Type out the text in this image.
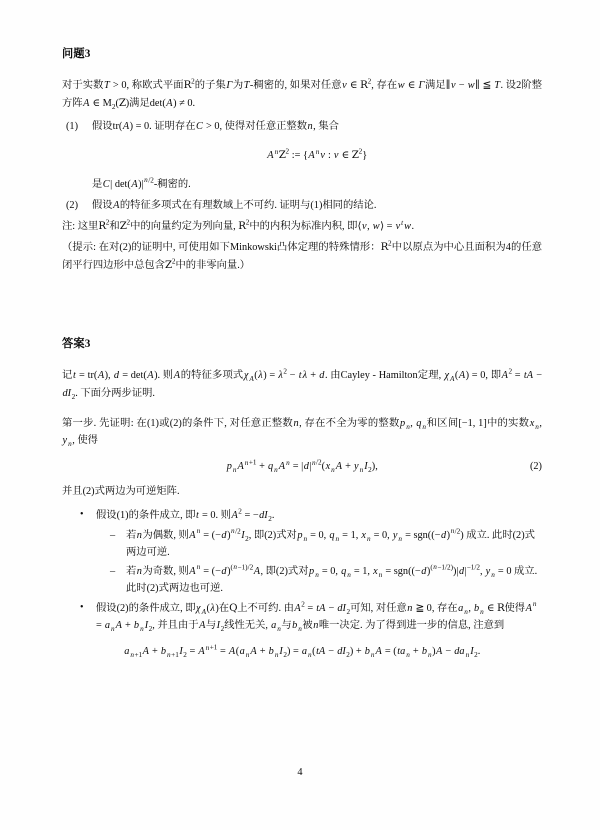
问题3

对于实数T > 0, 称欧式平面$R^2$的子集Γ为T-稠密的, 如果对任意v ∈ $R^2$, 存在w ∈ Γ满足∥v − w∥ ≦ T. 设2阶整方阵A ∈ $M_2(Z)$满足det(A) ≠ 0.

(1) 假设tr(A) = 0. 证明存在C > 0, 使得对任意正整数n, 集合
$A^nZ^2$ := {$A^nv$ : v ∈ $Z^2$}
是C| $\det(A)|^{n/2}-$稠密的.
(2) 假设A的特征多项式在有理数域上不可约. 证明与(1)相同的结论.

注: 这里$R^2$和$Z^2$中的向量约定为列向量, $R^2$中的内积为标准内积, 即⟨v, w⟩ = $v^tw$.

（提示: 在对(2)的证明中, 可使用如下Minkowski凸体定理的特殊情形：$R^2$中以原点为中心且面积为4的任意闭平行四边形中总包含$Z^2$中的非零向量.）

答案3

记t = tr(A), d = det(A). 则A的特征多项式$\chi_A(\lambda) = \lambda^2 - t\lambda + d$. 由Cayley - Hamilton定理, $\chi_A(A) = 0$, 即$A^2$ = tA − $dI_2$. 下面分两步证明.

第一步. 先证明: 在(1)或(2)的条件下, 对任意正整数n, 存在不全为零的整数$p_n$, $q_n$和区间[−1, 1]中的实数$x_n$, $y_n$, 使得

$p_nA^{n+1} + q_nA^n = |d|^{n/2}(x_nA + y_nI_2)$,	(2)

并且(2)式两边为可逆矩阵.

• 假设(1)的条件成立, 即t = 0. 则$A^2 = -dI_2$.
– 若n为偶数, 则$A^n = (-d)^{n/2}I_2$, 即(2)式对$p_n = 0$, $q_n = 1$, $x_n = 0$, $y_n = sgn((-d)^{n/2})$ 成立. 此时(2)式两边可逆.
– 若n为奇数, 则$A^n = (-d)^{(n-1)/2}A$, 即(2)式对$p_n = 0$, $q_n = 1$, $x_n = sgn((-d)^{(n-1/2)})|d|^{-1/2}$, $y_n = 0$ 成立. 此时(2)式两边也可逆.
• 假设(2)的条件成立, 即$\chi_A(\lambda)$在Q上不可约. 由$A^2$ = tA − $dI_2$可知, 对任意n ≧ 0, 存在$a_n$, $b_n$ ∈ R使得$A^n = a_nA + b_nI_2$, 并且由于A与$I_2$线性无关, $a_n$与$b_n$被n唯一决定. 为了得到进一步的信息, 注意到
$a_{n+1}A + b_{n+1}I_2 = A^{n+1} = A(a_nA + b_nI_2) = a_n(tA - dI_2) + b_nA = (ta_n + b_n)A - da_nI_2$.
4
